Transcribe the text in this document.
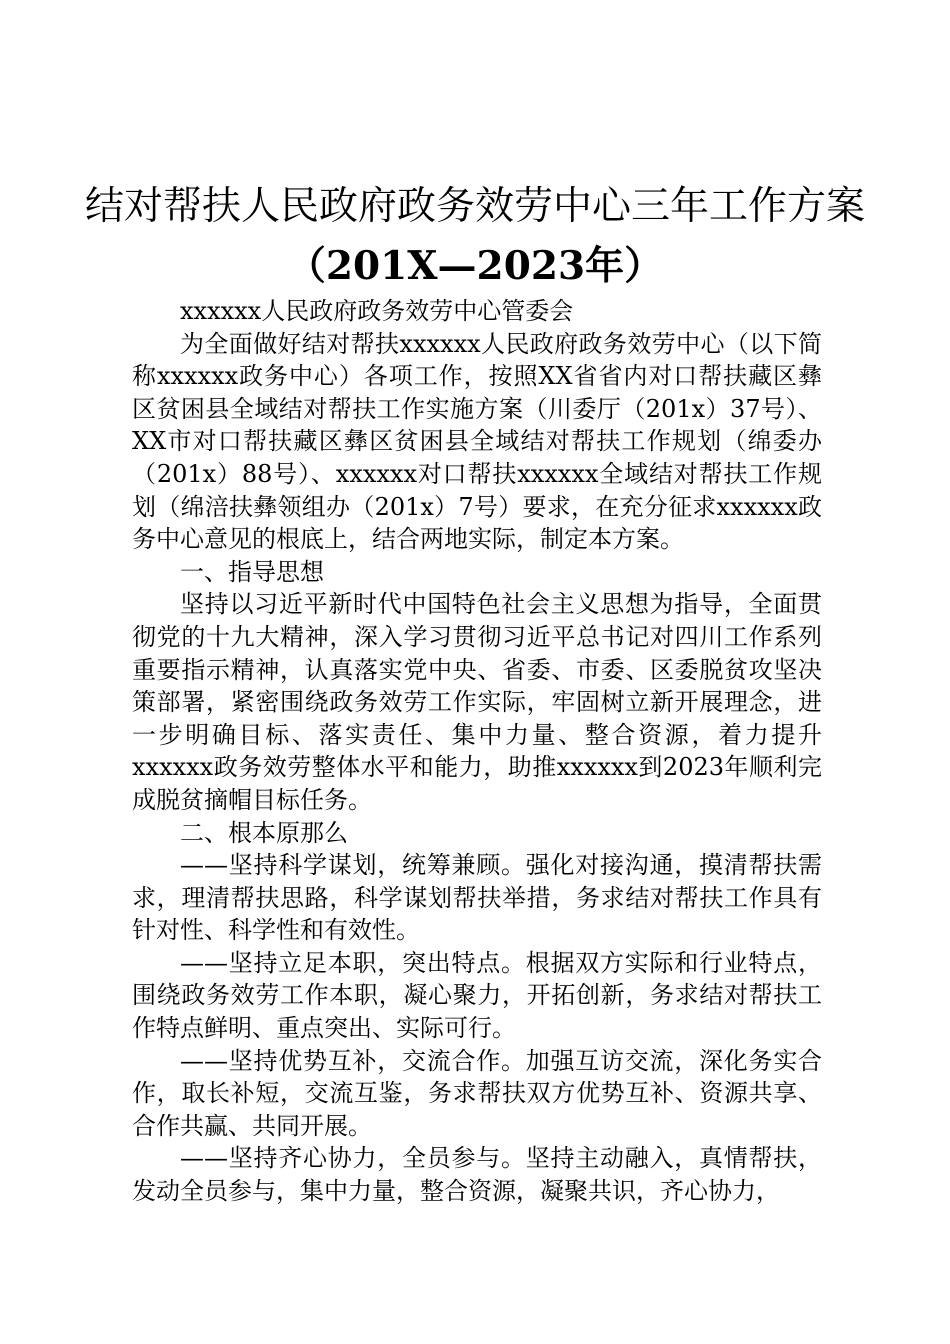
结对帮扶人民政府政务效劳中心三年工作方案
（201X—2023年）

xxxxxx人民政府政务效劳中心管委会

为全面做好结对帮扶xxxxxx人民政府政务效劳中心（以下简称xxxxxx政务中心）各项工作，按照XX省省内对口帮扶藏区彝区贫困县全域结对帮扶工作实施方案（川委厅（201x）37号）、XX市对口帮扶藏区彝区贫困县全域结对帮扶工作规划（绵委办（201x）88号）、xxxxxx对口帮扶xxxxxx全域结对帮扶工作规划（绵涪扶彝领组办（201x）7号）要求，在充分征求xxxxxx政务中心意见的根底上，结合两地实际，制定本方案。

一、指导思想

坚持以习近平新时代中国特色社会主义思想为指导，全面贯彻党的十九大精神，深入学习贯彻习近平总书记对四川工作系列重要指示精神，认真落实党中央、省委、市委、区委脱贫攻坚决策部署，紧密围绕政务效劳工作实际，牢固树立新开展理念，进一步明确目标、落实责任、集中力量、整合资源，着力提升xxxxxx政务效劳整体水平和能力，助推xxxxxx到2023年顺利完成脱贫摘帽目标任务。

二、根本原那么

——坚持科学谋划，统筹兼顾。强化对接沟通，摸清帮扶需求，理清帮扶思路，科学谋划帮扶举措，务求结对帮扶工作具有针对性、科学性和有效性。

——坚持立足本职，突出特点。根据双方实际和行业特点，围绕政务效劳工作本职，凝心聚力，开拓创新，务求结对帮扶工作特点鲜明、重点突出、实际可行。

——坚持优势互补，交流合作。加强互访交流，深化务实合作，取长补短，交流互鉴，务求帮扶双方优势互补、资源共享、合作共赢、共同开展。

——坚持齐心协力，全员参与。坚持主动融入，真情帮扶，发动全员参与，集中力量，整合资源，凝聚共识，齐心协力，
